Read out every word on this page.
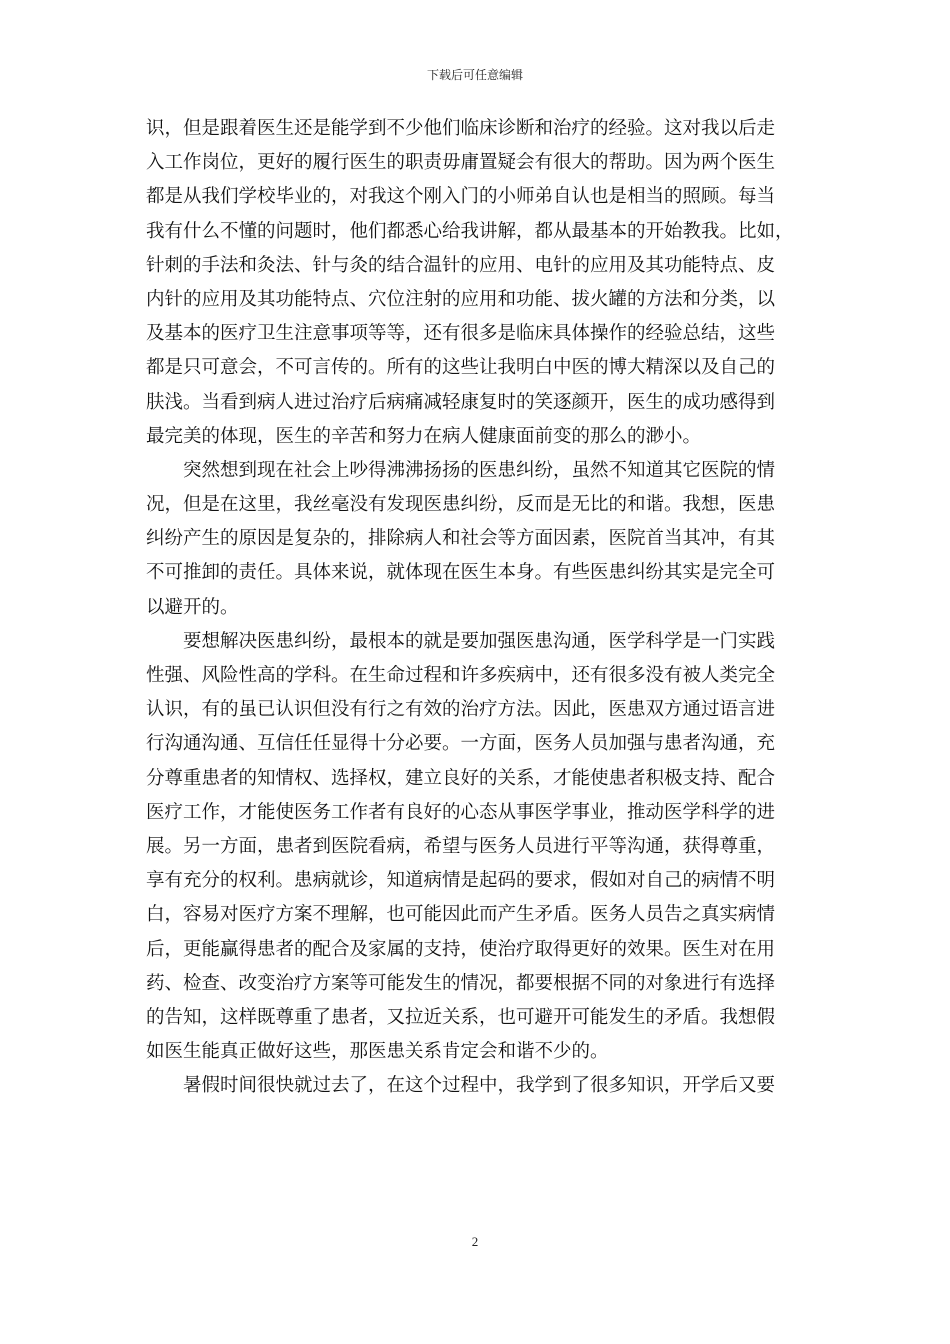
下载后可任意编辑
识，但是跟着医生还是能学到不少他们临床诊断和治疗的经验。这对我以后走
入工作岗位，更好的履行医生的职责毋庸置疑会有很大的帮助。因为两个医生
都是从我们学校毕业的，对我这个刚入门的小师弟自认也是相当的照顾。每当
我有什么不懂的问题时，他们都悉心给我讲解，都从最基本的开始教我。比如，
针刺的手法和灸法、针与灸的结合温针的应用、电针的应用及其功能特点、皮
内针的应用及其功能特点、穴位注射的应用和功能、拔火罐的方法和分类，以
及基本的医疗卫生注意事项等等，还有很多是临床具体操作的经验总结，这些
都是只可意会，不可言传的。所有的这些让我明白中医的博大精深以及自己的
肤浅。当看到病人进过治疗后病痛减轻康复时的笑逐颜开，医生的成功感得到
最完美的体现，医生的辛苦和努力在病人健康面前变的那么的渺小。
　　突然想到现在社会上吵得沸沸扬扬的医患纠纷，虽然不知道其它医院的情
况，但是在这里，我丝毫没有发现医患纠纷，反而是无比的和谐。我想，医患
纠纷产生的原因是复杂的，排除病人和社会等方面因素，医院首当其冲，有其
不可推卸的责任。具体来说，就体现在医生本身。有些医患纠纷其实是完全可
以避开的。
　　要想解决医患纠纷，最根本的就是要加强医患沟通，医学科学是一门实践
性强、风险性高的学科。在生命过程和许多疾病中，还有很多没有被人类完全
认识，有的虽已认识但没有行之有效的治疗方法。因此，医患双方通过语言进
行沟通沟通、互信任任显得十分必要。一方面，医务人员加强与患者沟通，充
分尊重患者的知情权、选择权，建立良好的关系，才能使患者积极支持、配合
医疗工作，才能使医务工作者有良好的心态从事医学事业，推动医学科学的进
展。另一方面，患者到医院看病，希望与医务人员进行平等沟通，获得尊重，
享有充分的权利。患病就诊，知道病情是起码的要求，假如对自己的病情不明
白，容易对医疗方案不理解，也可能因此而产生矛盾。医务人员告之真实病情
后，更能赢得患者的配合及家属的支持，使治疗取得更好的效果。医生对在用
药、检查、改变治疗方案等可能发生的情况，都要根据不同的对象进行有选择
的告知，这样既尊重了患者，又拉近关系，也可避开可能发生的矛盾。我想假
如医生能真正做好这些，那医患关系肯定会和谐不少的。
　　暑假时间很快就过去了，在这个过程中，我学到了很多知识，开学后又要
2
